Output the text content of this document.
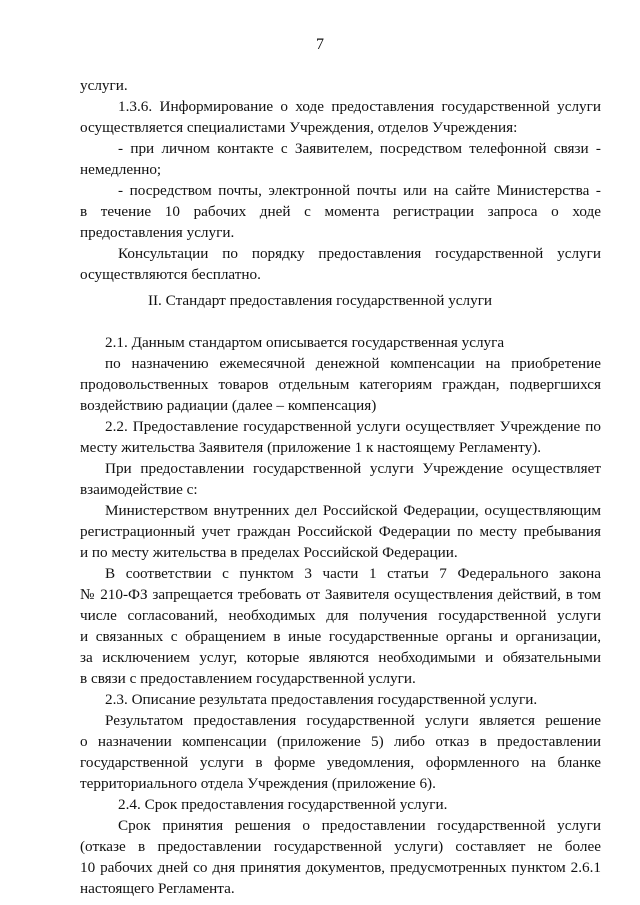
7
услуги.
1.3.6. Информирование о ходе предоставления государственной услуги
осуществляется специалистами Учреждения, отделов Учреждения:
- при личном контакте с Заявителем, посредством телефонной связи -
немедленно;
- посредством почты, электронной почты или на сайте Министерства -
в течение 10 рабочих дней с момента регистрации запроса о ходе
предоставления услуги.
Консультации по порядку предоставления государственной услуги
осуществляются бесплатно.
II. Стандарт предоставления государственной услуги
2.1. Данным стандартом описывается государственная услуга
по назначению ежемесячной денежной компенсации на приобретение
продовольственных товаров отдельным категориям граждан, подвергшихся
воздействию радиации (далее – компенсация)
2.2. Предоставление государственной услуги осуществляет Учреждение по
месту жительства Заявителя (приложение 1 к настоящему Регламенту).
При предоставлении государственной услуги Учреждение осуществляет
взаимодействие с:
Министерством внутренних дел Российской Федерации, осуществляющим
регистрационный учет граждан Российской Федерации по месту пребывания
и по месту жительства в пределах Российской Федерации.
В соответствии с пунктом 3 части 1 статьи 7 Федерального закона
№ 210-ФЗ запрещается требовать от Заявителя осуществления действий, в том
числе согласований, необходимых для получения государственной услуги
и связанных с обращением в иные государственные органы и организации,
за исключением услуг, которые являются необходимыми и обязательными
в связи с предоставлением государственной услуги.
2.3. Описание результата предоставления государственной услуги.
Результатом предоставления государственной услуги является решение
о назначении компенсации (приложение 5) либо отказ в предоставлении
государственной услуги в форме уведомления, оформленного на бланке
территориального отдела Учреждения (приложение 6).
2.4. Срок предоставления государственной услуги.
Срок принятия решения о предоставлении государственной услуги
(отказе в предоставлении государственной услуги) составляет не более
10 рабочих дней со дня принятия документов, предусмотренных пунктом 2.6.1
настоящего Регламента.
